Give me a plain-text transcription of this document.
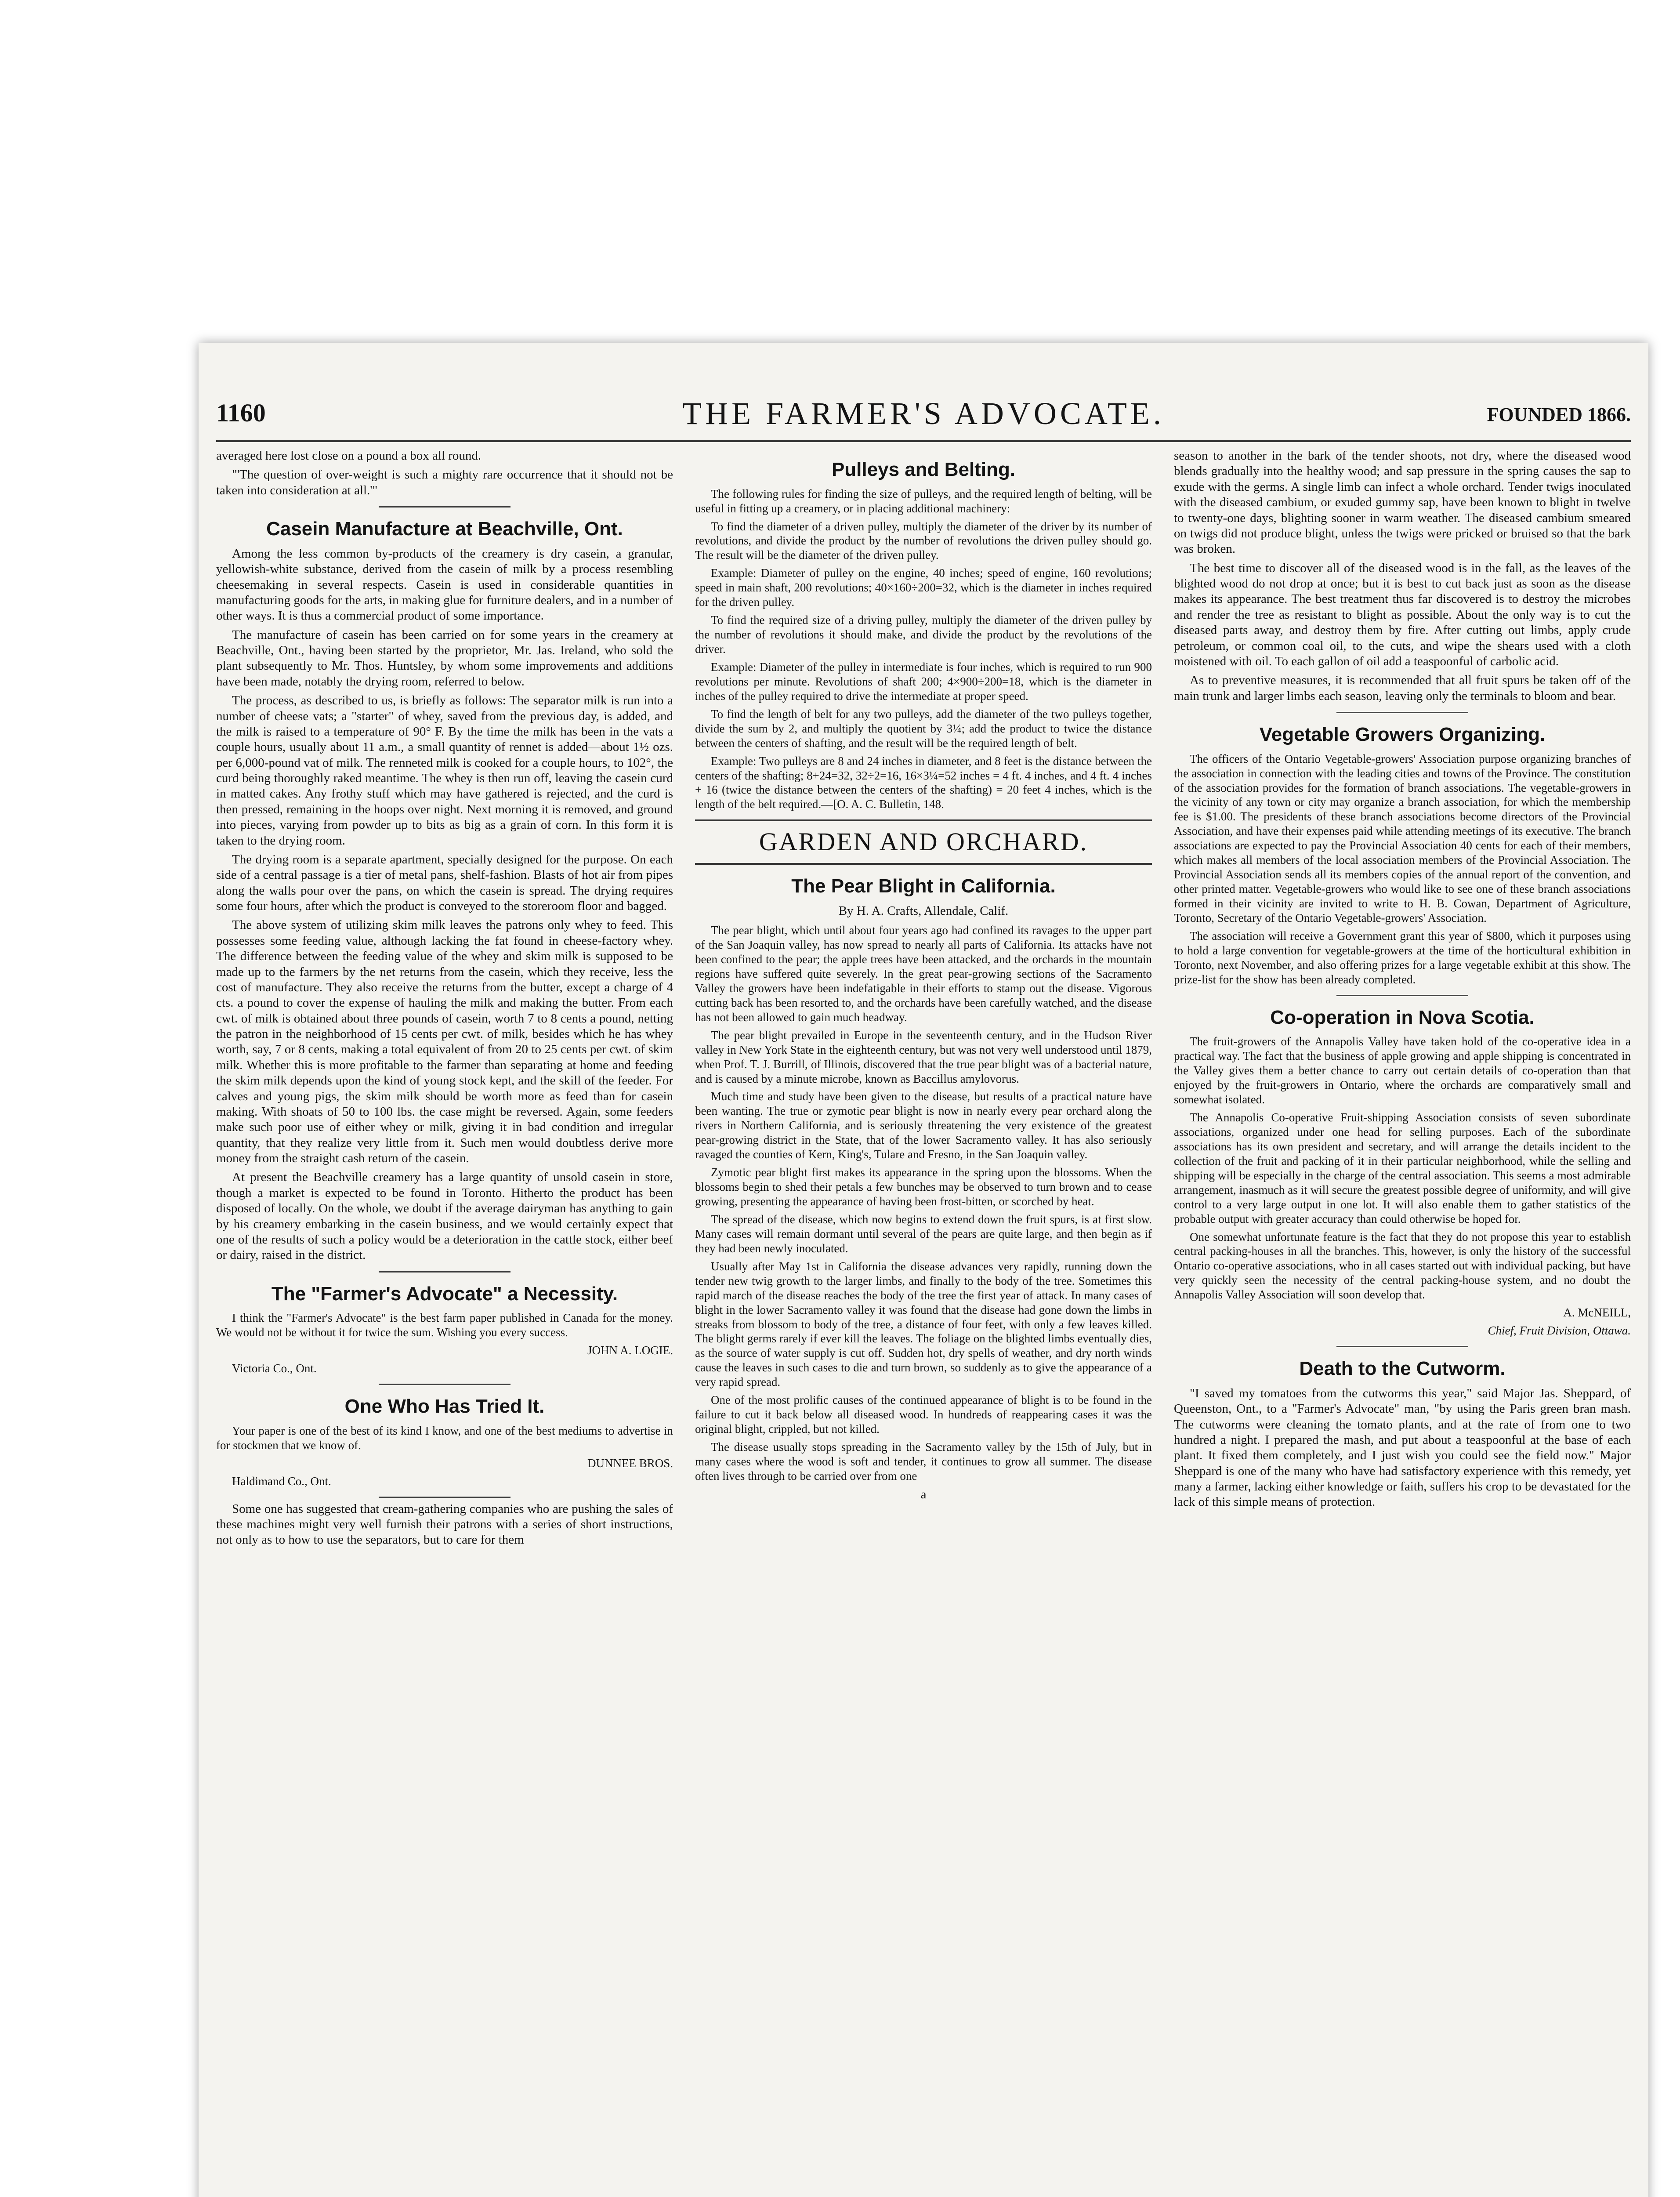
1160	THE FARMER'S ADVOCATE.	FOUNDED 1866.

averaged here lost close on a pound a box all round.

"'The question of over-weight is such a mighty rare occurrence that it should not be taken into consideration at all.'"

Casein Manufacture at Beachville, Ont.

Among the less common by-products of the creamery is dry casein, a granular, yellowish-white substance, derived from the casein of milk by a process resembling cheesemaking in several respects. Casein is used in considerable quantities in manufacturing goods for the arts, in making glue for furniture dealers, and in a number of other ways. It is thus a commercial product of some importance.

The manufacture of casein has been carried on for some years in the creamery at Beachville, Ont., having been started by the proprietor, Mr. Jas. Ireland, who sold the plant subsequently to Mr. Thos. Huntsley, by whom some improvements and additions have been made, notably the drying room, referred to below.

The process, as described to us, is briefly as follows: The separator milk is run into a number of cheese vats; a "starter" of whey, saved from the previous day, is added, and the milk is raised to a temperature of 90° F. By the time the milk has been in the vats a couple hours, usually about 11 a.m., a small quantity of rennet is added—about 1½ ozs. per 6,000-pound vat of milk. The renneted milk is cooked for a couple hours, to 102°, the curd being thoroughly raked meantime. The whey is then run off, leaving the casein curd in matted cakes. Any frothy stuff which may have gathered is rejected, and the curd is then pressed, remaining in the hoops over night. Next morning it is removed, and ground into pieces, varying from powder up to bits as big as a grain of corn. In this form it is taken to the drying room.

The drying room is a separate apartment, specially designed for the purpose. On each side of a central passage is a tier of metal pans, shelf-fashion. Blasts of hot air from pipes along the walls pour over the pans, on which the casein is spread. The drying requires some four hours, after which the product is conveyed to the storeroom floor and bagged.

The above system of utilizing skim milk leaves the patrons only whey to feed. This possesses some feeding value, although lacking the fat found in cheese-factory whey. The difference between the feeding value of the whey and skim milk is supposed to be made up to the farmers by the net returns from the casein, which they receive, less the cost of manufacture. They also receive the returns from the butter, except a charge of 4 cts. a pound to cover the expense of hauling the milk and making the butter. From each cwt. of milk is obtained about three pounds of casein, worth 7 to 8 cents a pound, netting the patron in the neighborhood of 15 cents per cwt. of milk, besides which he has whey worth, say, 7 or 8 cents, making a total equivalent of from 20 to 25 cents per cwt. of skim milk. Whether this is more profitable to the farmer than separating at home and feeding the skim milk depends upon the kind of young stock kept, and the skill of the feeder. For calves and young pigs, the skim milk should be worth more as feed than for casein making. With shoats of 50 to 100 lbs. the case might be reversed. Again, some feeders make such poor use of either whey or milk, giving it in bad condition and irregular quantity, that they realize very little from it. Such men would doubtless derive more money from the straight cash return of the casein.

At present the Beachville creamery has a large quantity of unsold casein in store, though a market is expected to be found in Toronto. Hitherto the product has been disposed of locally. On the whole, we doubt if the average dairyman has anything to gain by his creamery embarking in the casein business, and we would certainly expect that one of the results of such a policy would be a deterioration in the cattle stock, either beef or dairy, raised in the district.

The "Farmer's Advocate" a Necessity.

I think the "Farmer's Advocate" is the best farm paper published in Canada for the money. We would not be without it for twice the sum. Wishing you every success.

JOHN A. LOGIE.

Victoria Co., Ont.

One Who Has Tried It.

Your paper is one of the best of its kind I know, and one of the best mediums to advertise in for stockmen that we know of.

DUNNEE BROS.

Haldimand Co., Ont.

Some one has suggested that cream-gathering companies who are pushing the sales of these machines might very well furnish their patrons with a series of short instructions, not only as to how to use the separators, but to care for them

Pulleys and Belting.

The following rules for finding the size of pulleys, and the required length of belting, will be useful in fitting up a creamery, or in placing additional machinery:

To find the diameter of a driven pulley, multiply the diameter of the driver by its number of revolutions, and divide the product by the number of revolutions the driven pulley should go. The result will be the diameter of the driven pulley.

Example: Diameter of pulley on the engine, 40 inches; speed of engine, 160 revolutions; speed in main shaft, 200 revolutions; 40×160÷200=32, which is the diameter in inches required for the driven pulley.

To find the required size of a driving pulley, multiply the diameter of the driven pulley by the number of revolutions it should make, and divide the product by the revolutions of the driver.

Example: Diameter of the pulley in intermediate is four inches, which is required to run 900 revolutions per minute. Revolutions of shaft 200; 4×900÷200=18, which is the diameter in inches of the pulley required to drive the intermediate at proper speed.

To find the length of belt for any two pulleys, add the diameter of the two pulleys together, divide the sum by 2, and multiply the quotient by 3¼; add the product to twice the distance between the centers of shafting, and the result will be the required length of belt.

Example: Two pulleys are 8 and 24 inches in diameter, and 8 feet is the distance between the centers of the shafting; 8+24=32, 32÷2=16, 16×3¼=52 inches = 4 ft. 4 inches, and 4 ft. 4 inches + 16 (twice the distance between the centers of the shafting) = 20 feet 4 inches, which is the length of the belt required.—[O. A. C. Bulletin, 148.

GARDEN AND ORCHARD.
The Pear Blight in California.
By H. A. Crafts, Allendale, Calif.

The pear blight, which until about four years ago had confined its ravages to the upper part of the San Joaquin valley, has now spread to nearly all parts of California. Its attacks have not been confined to the pear; the apple trees have been attacked, and the orchards in the mountain regions have suffered quite severely. In the great pear-growing sections of the Sacramento Valley the growers have been indefatigable in their efforts to stamp out the disease. Vigorous cutting back has been resorted to, and the orchards have been carefully watched, and the disease has not been allowed to gain much headway.

The pear blight prevailed in Europe in the seventeenth century, and in the Hudson River valley in New York State in the eighteenth century, but was not very well understood until 1879, when Prof. T. J. Burrill, of Illinois, discovered that the true pear blight was of a bacterial nature, and is caused by a minute microbe, known as Baccillus amylovorus.

Much time and study have been given to the disease, but results of a practical nature have been wanting. The true or zymotic pear blight is now in nearly every pear orchard along the rivers in Northern California, and is seriously threatening the very existence of the greatest pear-growing district in the State, that of the lower Sacramento valley. It has also seriously ravaged the counties of Kern, King's, Tulare and Fresno, in the San Joaquin valley.

Zymotic pear blight first makes its appearance in the spring upon the blossoms. When the blossoms begin to shed their petals a few bunches may be observed to turn brown and to cease growing, presenting the appearance of having been frost-bitten, or scorched by heat.

The spread of the disease, which now begins to extend down the fruit spurs, is at first slow. Many cases will remain dormant until several of the pears are quite large, and then begin as if they had been newly inoculated.

Usually after May 1st in California the disease advances very rapidly, running down the tender new twig growth to the larger limbs, and finally to the body of the tree. Sometimes this rapid march of the disease reaches the body of the tree the first year of attack. In many cases of blight in the lower Sacramento valley it was found that the disease had gone down the limbs in streaks from blossom to body of the tree, a distance of four feet, with only a few leaves killed. The blight germs rarely if ever kill the leaves. The foliage on the blighted limbs eventually dies, as the source of water supply is cut off. Sudden hot, dry spells of weather, and dry north winds cause the leaves in such cases to die and turn brown, so suddenly as to give the appearance of a very rapid spread.

One of the most prolific causes of the continued appearance of blight is to be found in the failure to cut it back below all diseased wood. In hundreds of reappearing cases it was the original blight, crippled, but not killed.

The disease usually stops spreading in the Sacramento valley by the 15th of July, but in many cases where the wood is soft and tender, it continues to grow all summer. The disease often lives through to be carried over from one

a

season to another in the bark of the tender shoots, not dry, where the diseased wood blends gradually into the healthy wood; and sap pressure in the spring causes the sap to exude with the germs. A single limb can infect a whole orchard. Tender twigs inoculated with the diseased cambium, or exuded gummy sap, have been known to blight in twelve to twenty-one days, blighting sooner in warm weather. The diseased cambium smeared on twigs did not produce blight, unless the twigs were pricked or bruised so that the bark was broken.

The best time to discover all of the diseased wood is in the fall, as the leaves of the blighted wood do not drop at once; but it is best to cut back just as soon as the disease makes its appearance. The best treatment thus far discovered is to destroy the microbes and render the tree as resistant to blight as possible. About the only way is to cut the diseased parts away, and destroy them by fire. After cutting out limbs, apply crude petroleum, or common coal oil, to the cuts, and wipe the shears used with a cloth moistened with oil. To each gallon of oil add a teaspoonful of carbolic acid.

As to preventive measures, it is recommended that all fruit spurs be taken off of the main trunk and larger limbs each season, leaving only the terminals to bloom and bear.

Vegetable Growers Organizing.

The officers of the Ontario Vegetable-growers' Association purpose organizing branches of the association in connection with the leading cities and towns of the Province. The constitution of the association provides for the formation of branch associations. The vegetable-growers in the vicinity of any town or city may organize a branch association, for which the membership fee is $1.00. The presidents of these branch associations become directors of the Provincial Association, and have their expenses paid while attending meetings of its executive. The branch associations are expected to pay the Provincial Association 40 cents for each of their members, which makes all members of the local association members of the Provincial Association. The Provincial Association sends all its members copies of the annual report of the convention, and other printed matter. Vegetable-growers who would like to see one of these branch associations formed in their vicinity are invited to write to H. B. Cowan, Department of Agriculture, Toronto, Secretary of the Ontario Vegetable-growers' Association.

The association will receive a Government grant this year of $800, which it purposes using to hold a large convention for vegetable-growers at the time of the horticultural exhibition in Toronto, next November, and also offering prizes for a large vegetable exhibit at this show. The prize-list for the show has been already completed.

Co-operation in Nova Scotia.

The fruit-growers of the Annapolis Valley have taken hold of the co-operative idea in a practical way. The fact that the business of apple growing and apple shipping is concentrated in the Valley gives them a better chance to carry out certain details of co-operation than that enjoyed by the fruit-growers in Ontario, where the orchards are comparatively small and somewhat isolated.

The Annapolis Co-operative Fruit-shipping Association consists of seven subordinate associations, organized under one head for selling purposes. Each of the subordinate associations has its own president and secretary, and will arrange the details incident to the collection of the fruit and packing of it in their particular neighborhood, while the selling and shipping will be especially in the charge of the central association. This seems a most admirable arrangement, inasmuch as it will secure the greatest possible degree of uniformity, and will give control to a very large output in one lot. It will also enable them to gather statistics of the probable output with greater accuracy than could otherwise be hoped for.

One somewhat unfortunate feature is the fact that they do not propose this year to establish central packing-houses in all the branches. This, however, is only the history of the successful Ontario co-operative associations, who in all cases started out with individual packing, but have very quickly seen the necessity of the central packing-house system, and no doubt the Annapolis Valley Association will soon develop that.

A. McNEILL,

Chief, Fruit Division, Ottawa.

Death to the Cutworm.

"I saved my tomatoes from the cutworms this year," said Major Jas. Sheppard, of Queenston, Ont., to a "Farmer's Advocate" man, "by using the Paris green bran mash. The cutworms were cleaning the tomato plants, and at the rate of from one to two hundred a night. I prepared the mash, and put about a teaspoonful at the base of each plant. It fixed them completely, and I just wish you could see the field now." Major Sheppard is one of the many who have had satisfactory experience with this remedy, yet many a farmer, lacking either knowledge or faith, suffers his crop to be devastated for the lack of this simple means of protection.
